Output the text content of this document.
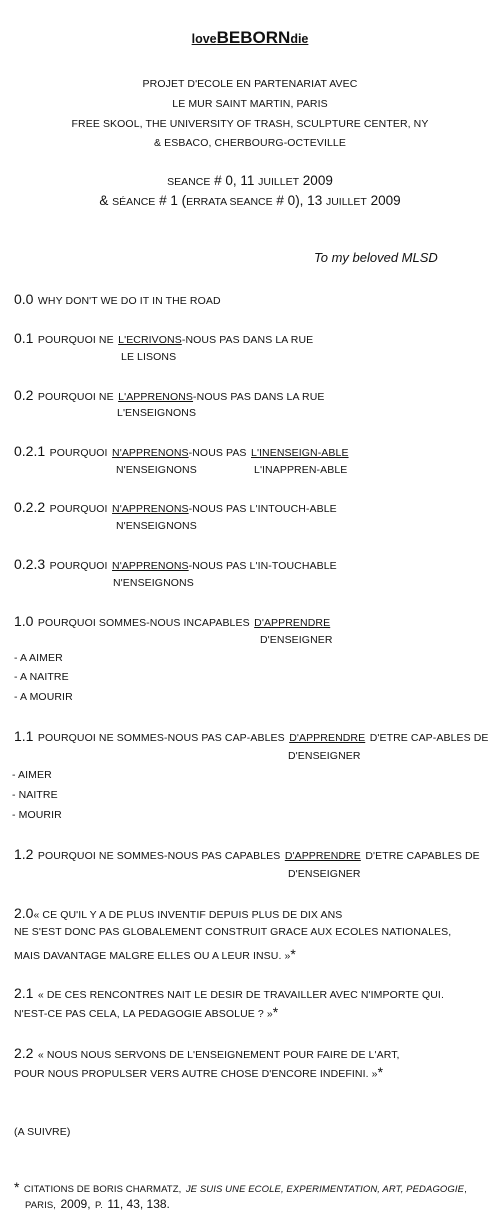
loveBEBORNdie
PROJET D'ECOLE EN PARTENARIAT AVEC
LE MUR SAINT MARTIN, PARIS
FREE SKOOL, THE UNIVERSITY OF TRASH, SCULPTURE CENTER, NY
& ESBACO, CHERBOURG-OCTEVILLE
SEANCE # 0, 11 JUILLET 2009
& SÉANCE # 1 (ERRATA SEANCE # 0), 13 JUILLET 2009
To my beloved MLSD
0.0 WHY DON'T WE DO IT IN THE ROAD
0.1 POURQUOI NE L'ECRIVONS-NOUS PAS DANS LA RUE
LE LISONS
0.2 POURQUOI NE L'APPRENONS-NOUS PAS DANS LA RUE
L'ENSEIGNONS
0.2.1 POURQUOI N'APPRENONS-NOUS PAS L'INENSEIGN-ABLE
N'ENSEIGNONS	L'INAPPREN-ABLE
0.2.2 POURQUOI N'APPRENONS-NOUS PAS L'INTOUCH-ABLE
N'ENSEIGNONS
0.2.3 POURQUOI N'APPRENONS-NOUS PAS L'IN-TOUCHABLE
N'ENSEIGNONS
1.0 POURQUOI SOMMES-NOUS INCAPABLES D'APPRENDRE
D'ENSEIGNER
- A AIMER
- A NAITRE
- A MOURIR
1.1 POURQUOI NE SOMMES-NOUS PAS CAP-ABLES D'APPRENDRE D'ETRE CAP-ABLES DE
D'ENSEIGNER
- AIMER
- NAITRE
- MOURIR
1.2 POURQUOI NE SOMMES-NOUS PAS CAPABLES D'APPRENDRE D'ETRE CAPABLES DE
D'ENSEIGNER
2.0« CE QU'IL Y A DE PLUS INVENTIF DEPUIS PLUS DE DIX ANS
NE S'EST DONC PAS GLOBALEMENT CONSTRUIT GRACE AUX ECOLES NATIONALES,
MAIS DAVANTAGE MALGRE ELLES OU A LEUR INSU. »*
2.1 « DE CES RENCONTRES NAIT LE DESIR DE TRAVAILLER AVEC N'IMPORTE QUI.
N'EST-CE PAS CELA, LA PEDAGOGIE ABSOLUE ? »*
2.2 « NOUS NOUS SERVONS DE L'ENSEIGNEMENT POUR FAIRE DE L'ART,
POUR NOUS PROPULSER VERS AUTRE CHOSE D'ENCORE INDEFINI. »*
(A SUIVRE)
* CITATIONS DE BORIS CHARMATZ, JE SUIS UNE ECOLE, EXPERIMENTATION, ART, PEDAGOGIE,
PARIS, 2009, P. 11, 43, 138.
